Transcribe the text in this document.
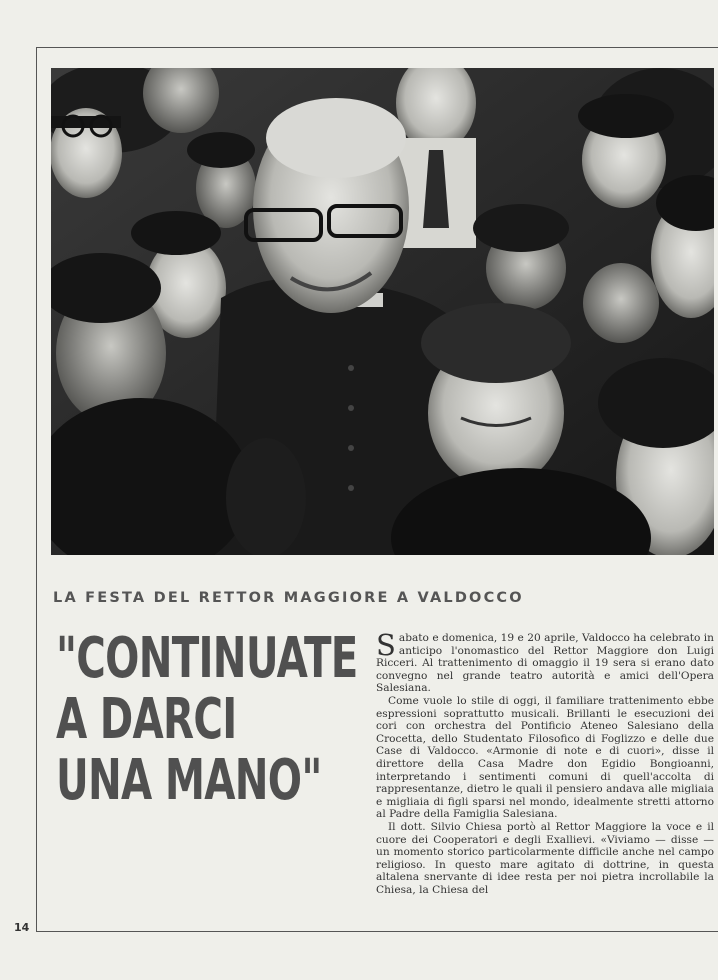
LA FESTA DEL RETTOR MAGGIORE A VALDOCCO
"CONTINUATE
A DARCI
UNA MANO"

Sabato e domenica, 19 e 20 aprile, Valdocco ha celebrato in anticipo l'onomastico del Rettor Maggiore don Luigi Ricceri. Al trattenimento di omaggio il 19 sera si erano dato convegno nel grande teatro autorità e amici dell'Opera Salesiana.

Come vuole lo stile di oggi, il familiare trattenimento ebbe espressioni soprattutto musicali. Brillanti le esecuzioni dei cori con orchestra del Pontificio Ateneo Salesiano della Crocetta, dello Studentato Filosofico di Foglizzo e delle due Case di Valdocco. «Armonie di note e di cuori», disse il direttore della Casa Madre don Egidio Bongioanni, interpretando i sentimenti comuni di quell'accolta di rappresentanze, dietro le quali il pensiero andava alle migliaia e migliaia di figli sparsi nel mondo, idealmente stretti attorno al Padre della Famiglia Salesiana.

Il dott. Silvio Chiesa portò al Rettor Maggiore la voce e il cuore dei Cooperatori e degli Exallievi. «Viviamo — disse — un momento storico particolarmente difficile anche nel campo religioso. In questo mare agitato di dottrine, in questa altalena snervante di idee resta per noi pietra incrollabile la Chiesa, la Chiesa del

14
